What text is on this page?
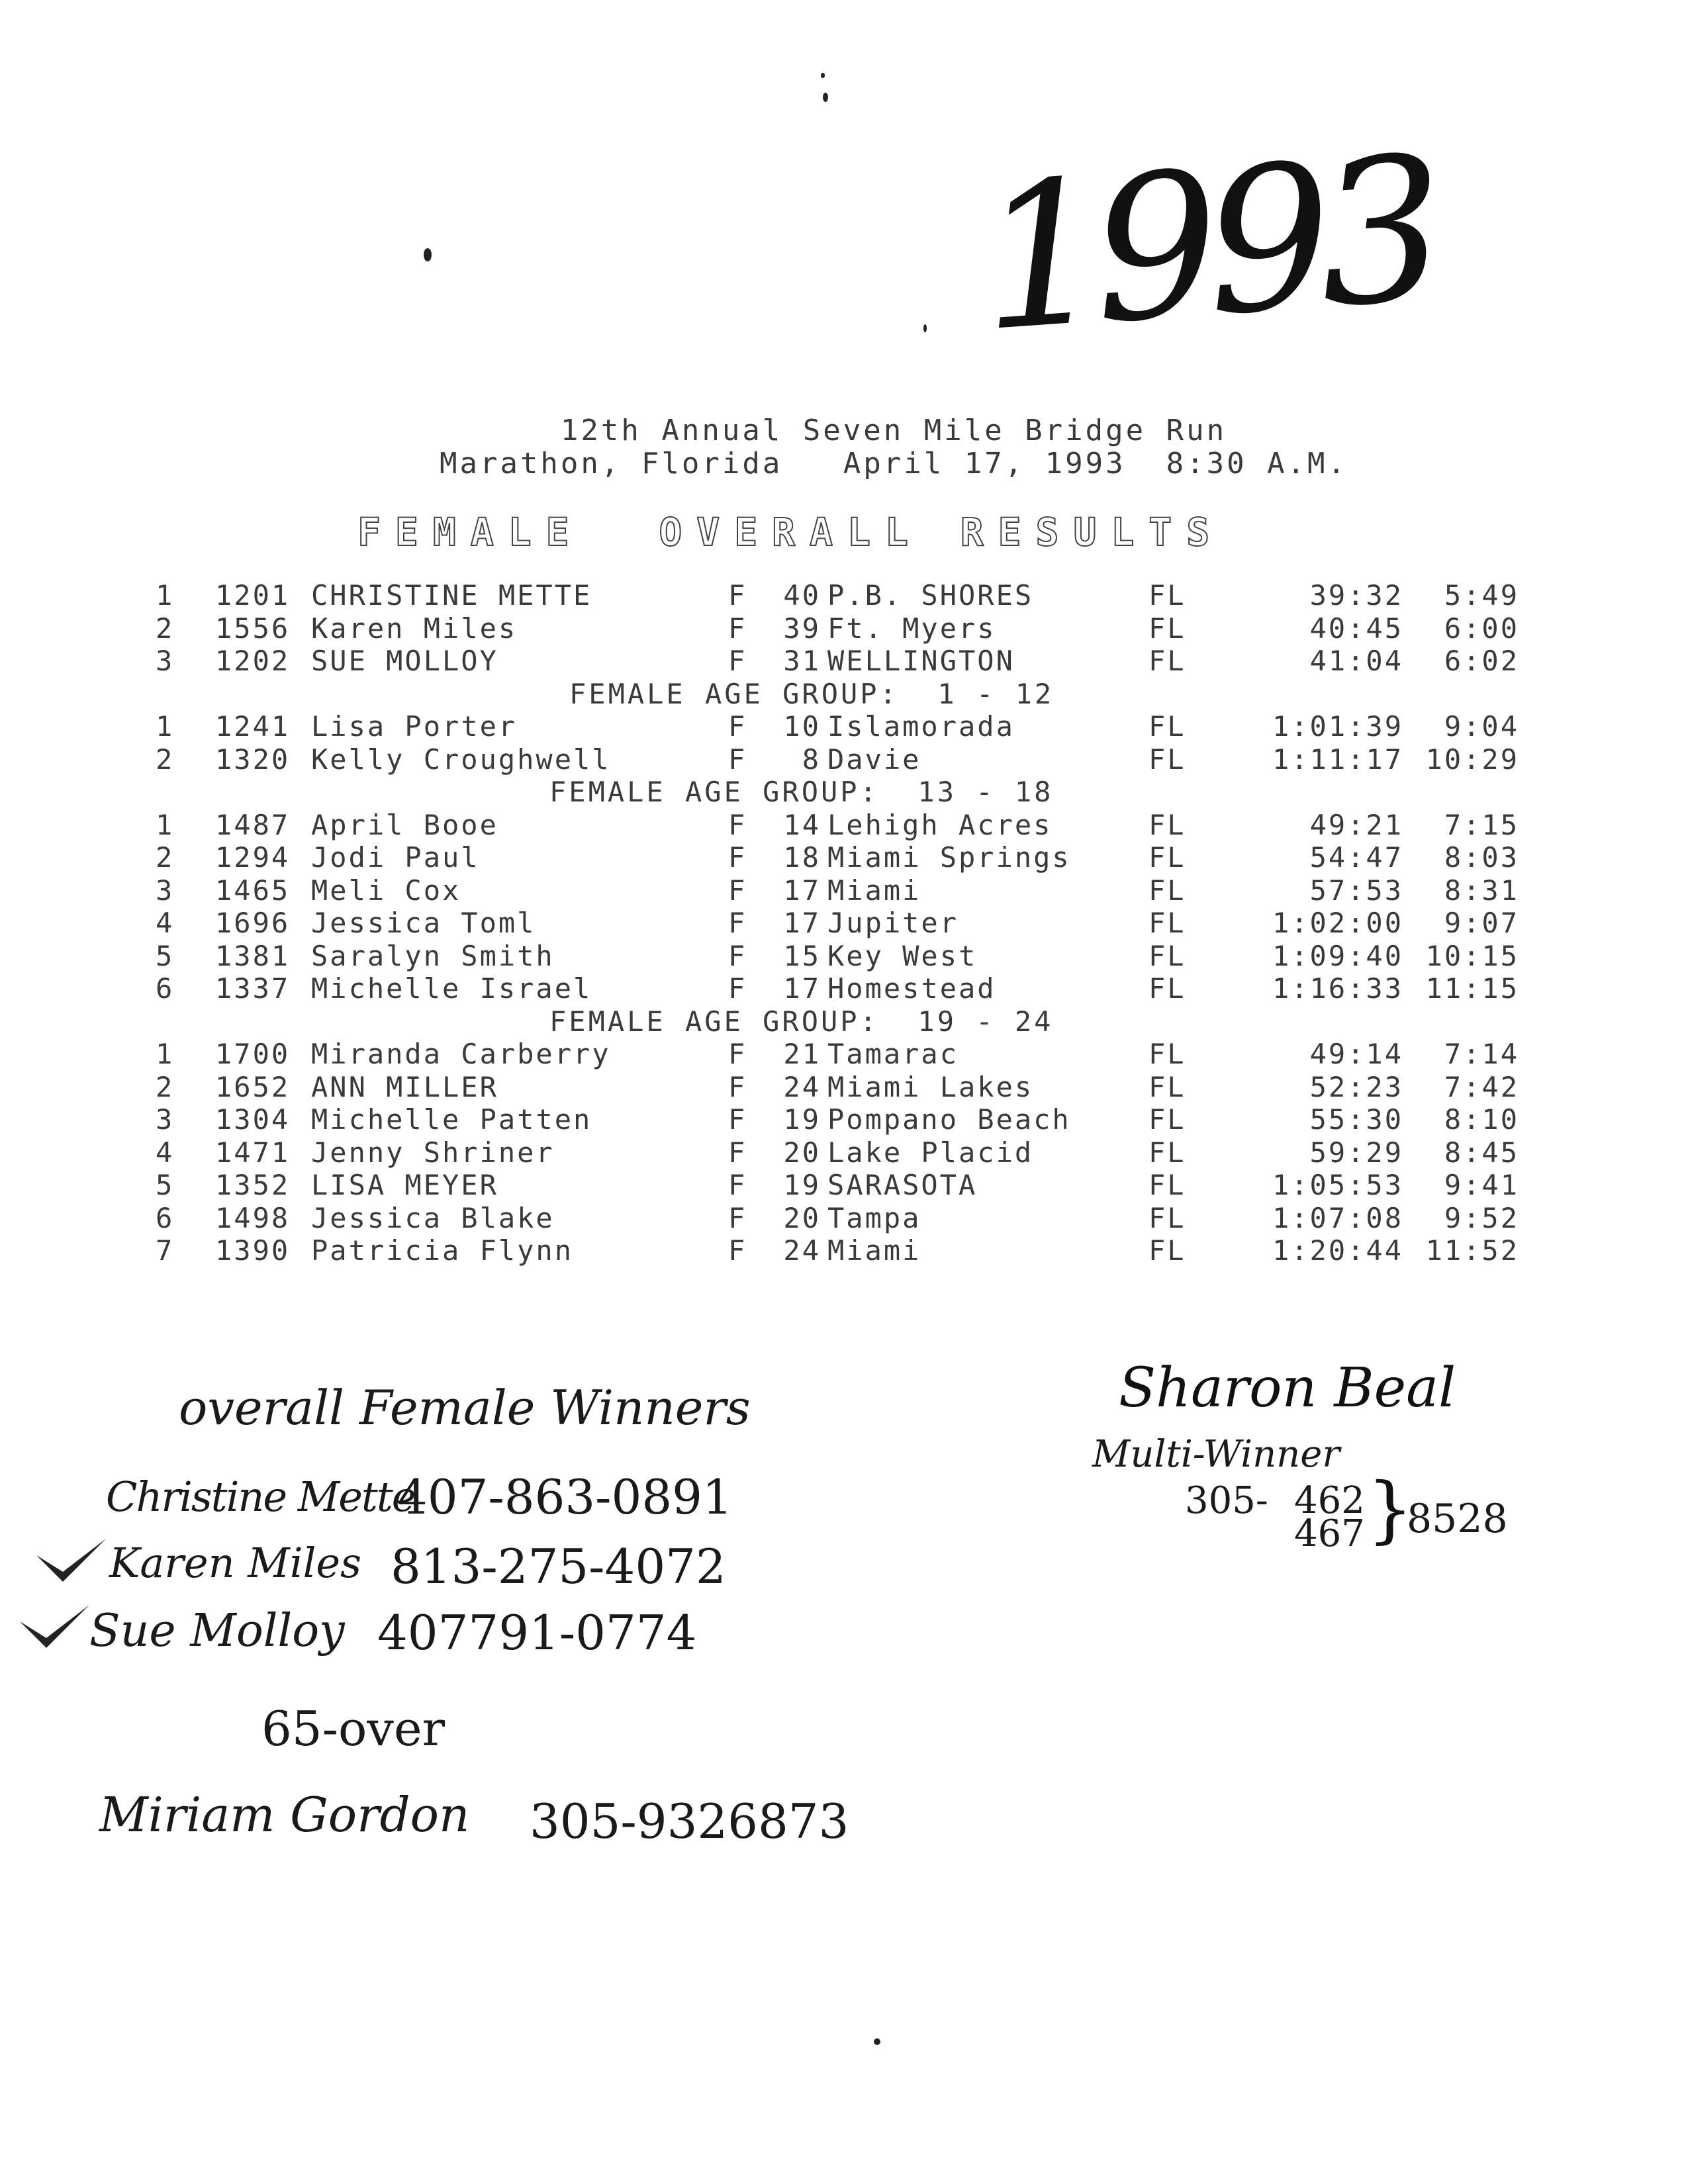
1993
12th Annual Seven Mile Bridge Run
Marathon, Florida   April 17, 1993  8:30 A.M.
FEMALE  OVERALL RESULTS
1 1201 CHRISTINE METTE	F	40 P.B. SHORES	FL	39:32	5:49
2 1556 Karen Miles	F	39 Ft. Myers	FL	40:45	6:00
3 1202 SUE MOLLOY	F	31 WELLINGTON	FL	41:04	6:02
FEMALE AGE GROUP:  1 - 12
1 1241 Lisa Porter	F	10 Islamorada	FL	1:01:39	9:04
2 1320 Kelly Croughwell	F	8 Davie	FL	1:11:17 10:29
FEMALE AGE GROUP:  13 - 18
1 1487 April Booe	F	14 Lehigh Acres	FL	49:21	7:15
2 1294 Jodi Paul	F	18 Miami Springs	FL	54:47	8:03
3 1465 Meli Cox	F	17 Miami	FL	57:53	8:31
4 1696 Jessica Toml	F	17 Jupiter	FL	1:02:00	9:07
5 1381 Saralyn Smith	F	15 Key West	FL	1:09:40 10:15
6 1337 Michelle Israel	F	17 Homestead	FL	1:16:33 11:15
FEMALE AGE GROUP:  19 - 24
1 1700 Miranda Carberry	F	21 Tamarac	FL	49:14	7:14
2 1652 ANN MILLER	F	24 Miami Lakes	FL	52:23	7:42
3 1304 Michelle Patten	F	19 Pompano Beach	FL	55:30	8:10
4 1471 Jenny Shriner	F	20 Lake Placid	FL	59:29	8:45
5 1352 LISA MEYER	F	19 SARASOTA	FL	1:05:53	9:41
6 1498 Jessica Blake	F	20 Tampa	FL	1:07:08	9:52
7 1390 Patricia Flynn	F	24 Miami	FL	1:20:44 11:52
overall Female Winners
Christine Mette
407-863-0891
Karen Miles 813-275-4072
Sue Molloy 407791-0774
65-over
Miriam Gordon 305-9326873
Sharon Beal
Multi-Winner
305- 462
467 }
8528
